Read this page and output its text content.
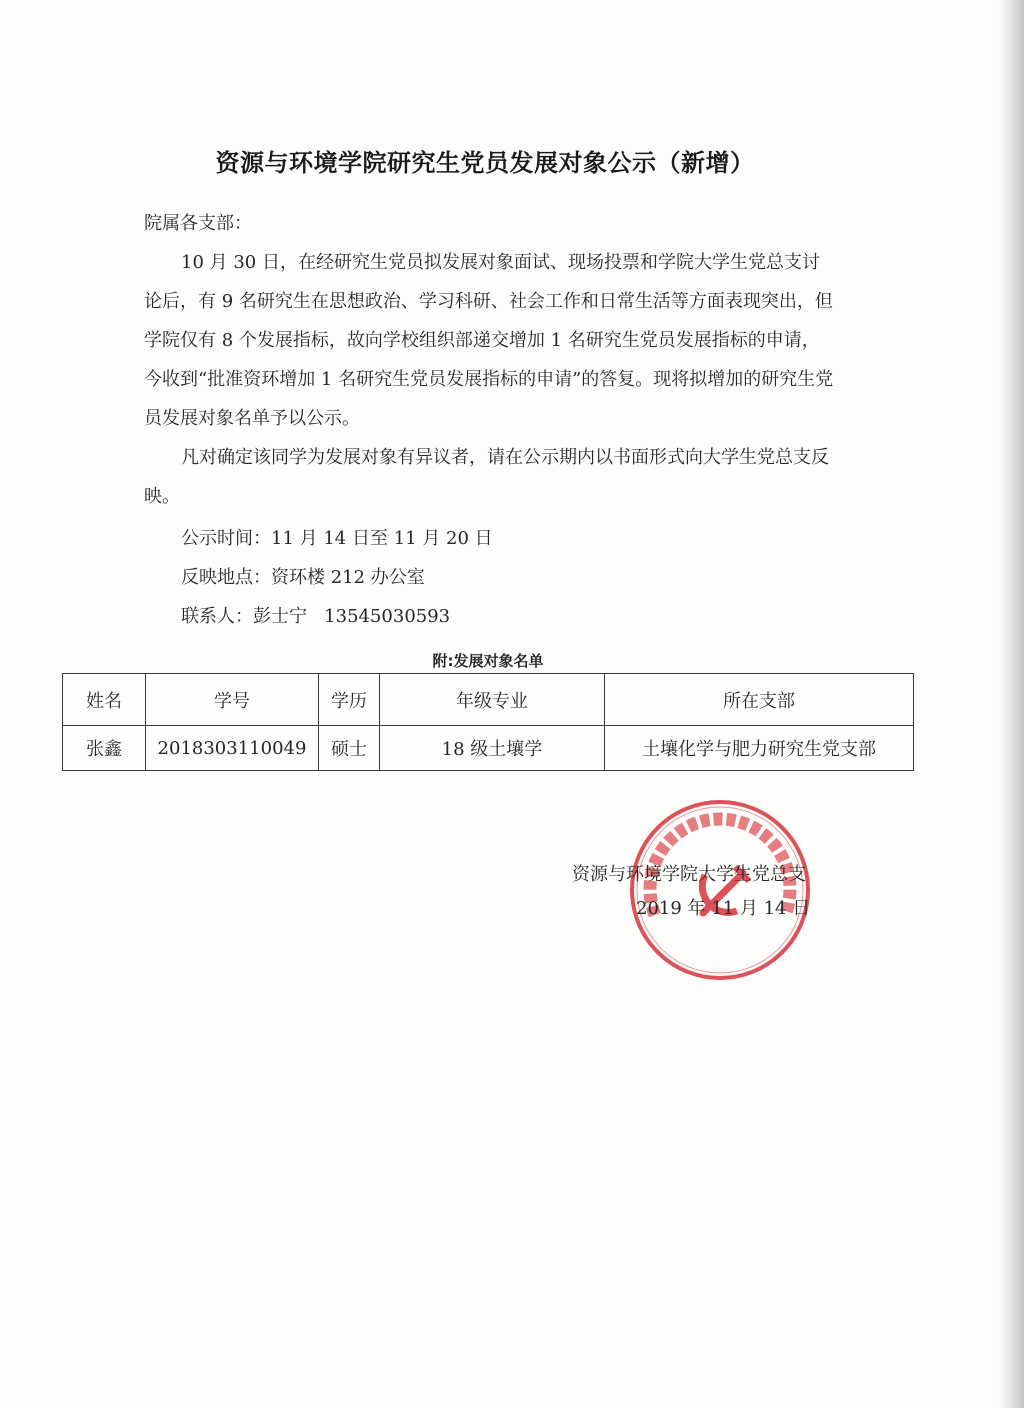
资源与环境学院研究生党员发展对象公示（新增）
院属各支部：
10 月 30 日，在经研究生党员拟发展对象面试、现场投票和学院大学生党总支讨论后，有 9 名研究生在思想政治、学习科研、社会工作和日常生活等方面表现突出，但学院仅有 8 个发展指标，故向学校组织部递交增加 1 名研究生党员发展指标的申请，今收到“批准资环增加 1 名研究生党员发展指标的申请”的答复。现将拟增加的研究生党员发展对象名单予以公示。
凡对确定该同学为发展对象有异议者，请在公示期内以书面形式向大学生党总支反映。
公示时间：11 月 14 日至 11 月 20 日
反映地点：资环楼 212 办公室
联系人：彭士宁   13545030593
附:发展对象名单
姓名	学号	学历	年级专业	所在支部
张鑫	2018303110049	硕士	18 级土壤学	土壤化学与肥力研究生党支部
资源与环境学院大学生党总支
2019 年 11 月 14 日
